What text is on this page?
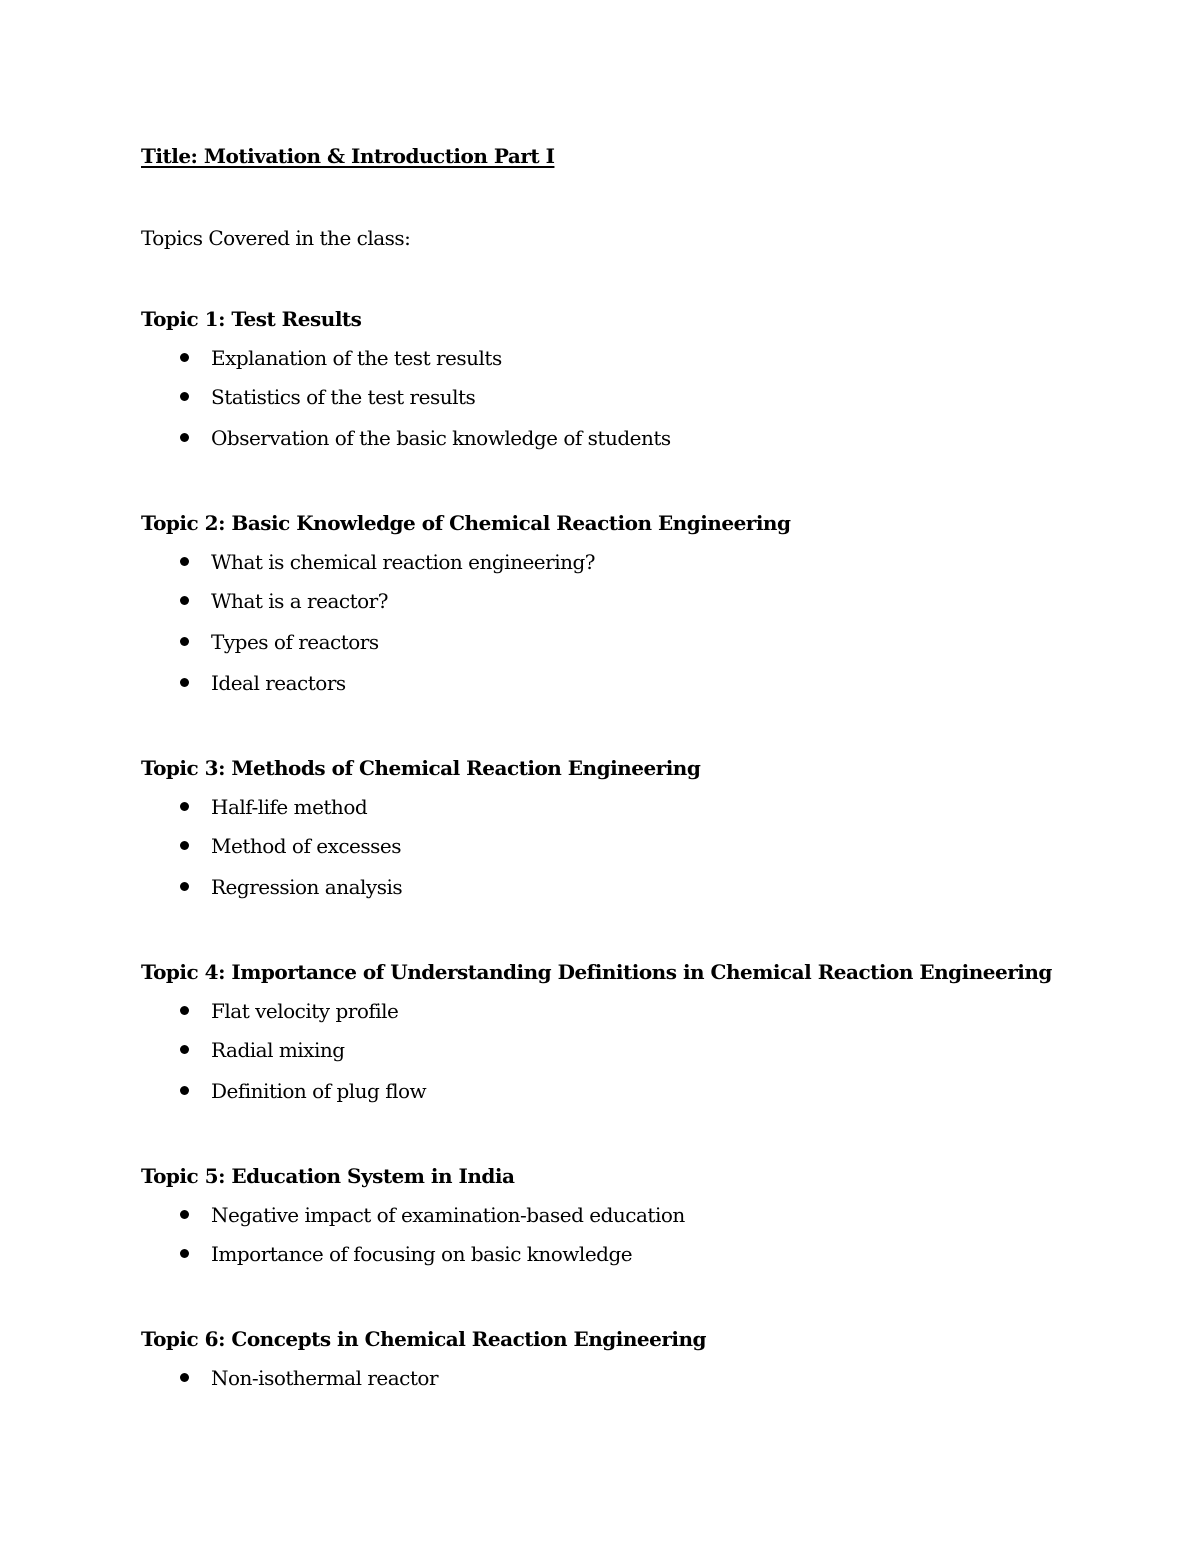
Title: Motivation & Introduction Part I

Topics Covered in the class:

Topic 1: Test Results

Explanation of the test results
Statistics of the test results
Observation of the basic knowledge of students

Topic 2: Basic Knowledge of Chemical Reaction Engineering

What is chemical reaction engineering?
What is a reactor?
Types of reactors
Ideal reactors

Topic 3: Methods of Chemical Reaction Engineering

Half-life method
Method of excesses
Regression analysis

Topic 4: Importance of Understanding Definitions in Chemical Reaction Engineering

Flat velocity profile
Radial mixing
Definition of plug flow

Topic 5: Education System in India

Negative impact of examination-based education
Importance of focusing on basic knowledge

Topic 6: Concepts in Chemical Reaction Engineering

Non-isothermal reactor
